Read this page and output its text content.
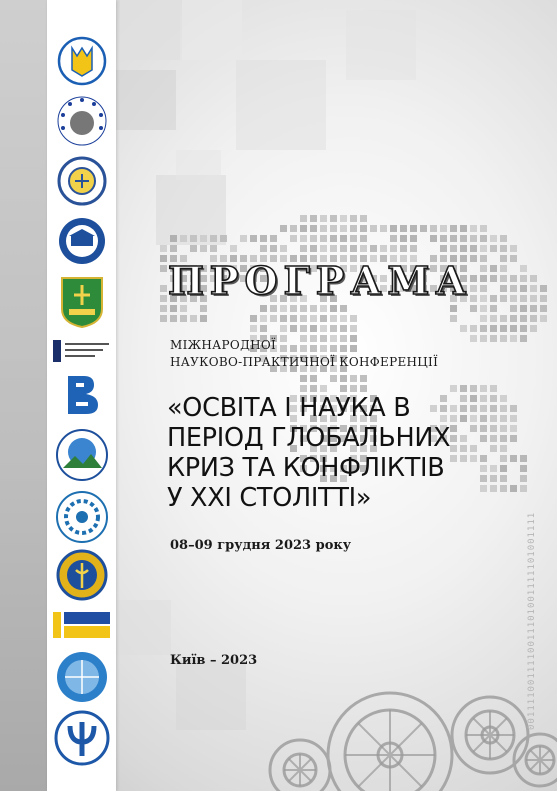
0011110011110011101001111101001111
ПРОГРАМА
МІЖНАРОДНОЇ
НАУКОВО-ПРАКТИЧНОЇ КОНФЕРЕНЦІЇ
«ОСВІТА І НАУКА В
ПЕРІОД ГЛОБАЛЬНИХ
КРИЗ ТА КОНФЛІКТІВ
У XXI СТОЛІТТІ»
08–09 грудня 2023 року
Київ – 2023
